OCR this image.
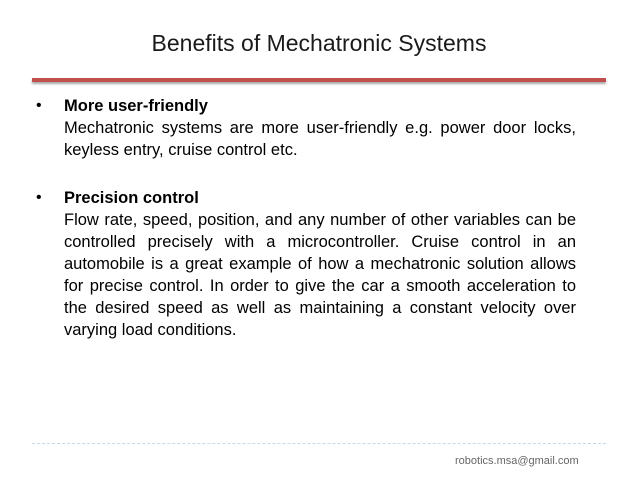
Benefits of Mechatronic Systems
• More user-friendly
Mechatronic systems are more user-friendly e.g. power door locks, keyless entry, cruise control etc.
• Precision control
Flow rate, speed, position, and any number of other variables can be controlled precisely with a microcontroller. Cruise control in an automobile is a great example of how a mechatronic solution allows for precise control. In order to give the car a smooth acceleration to the desired speed as well as maintaining a constant velocity over varying load conditions.
robotics.msa@gmail.com
